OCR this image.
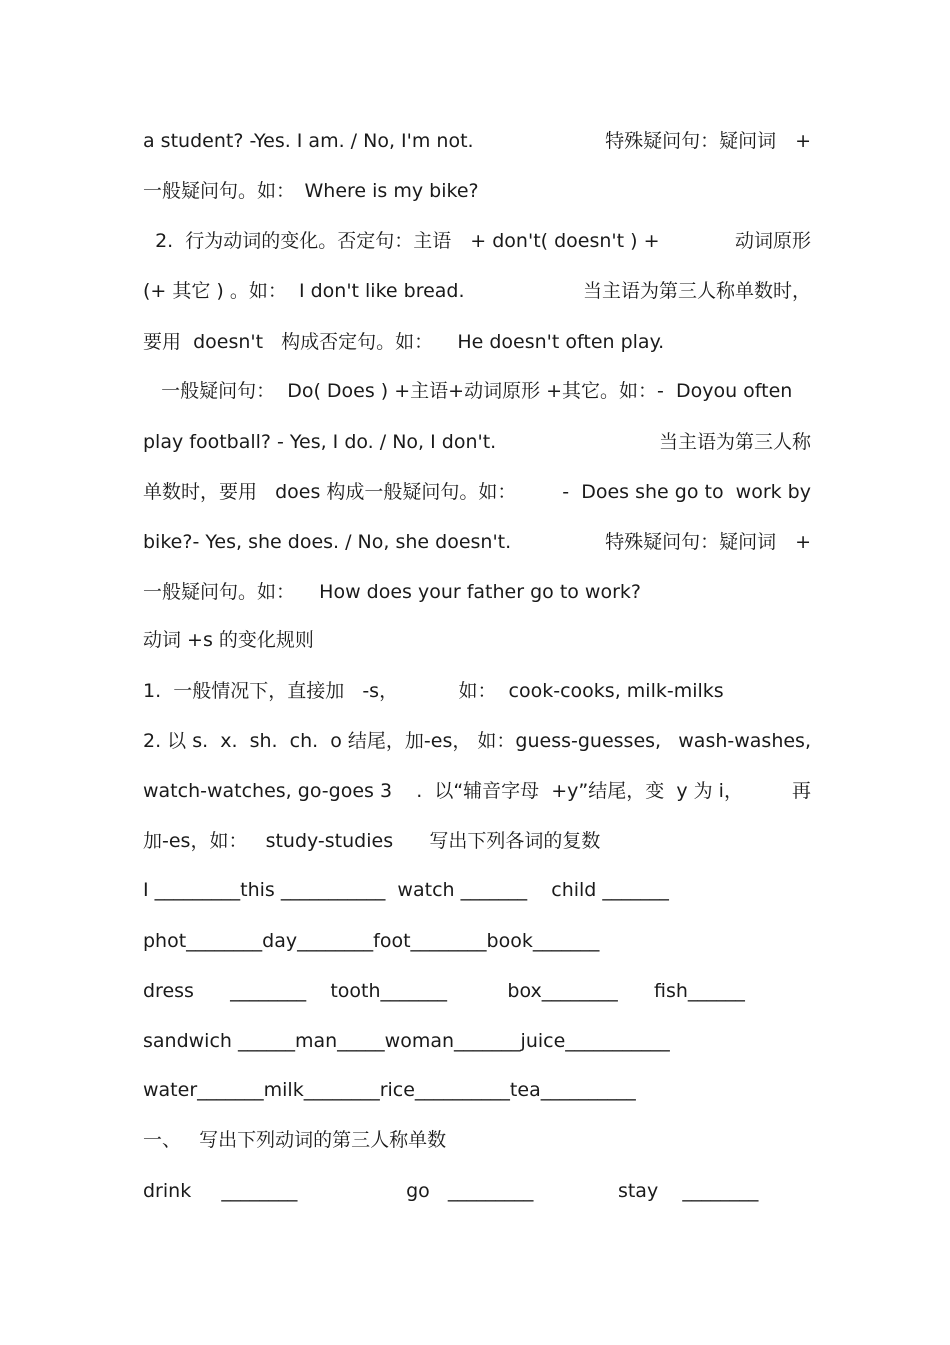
a student? -Yes. I am. / No, I'm not.	特殊疑问句：疑问词　+
一般疑问句。如：　Where is my bike?
2.  行为动词的变化。否定句：主语　+ don't( doesn't ) +	动词原形
(+ 其它 ) 。如：  I don't like bread.	当主语为第三人称单数时，
要用  doesn't   构成否定句。如：    He doesn't often play.
一般疑问句：  Do( Does ) +主语+动词原形 +其它。如：-  Doyou often
play football? - Yes, I do. / No, I don't.	当主语为第三人称
单数时，要用   does 构成一般疑问句。如： -  Does she go to  work by
bike?- Yes, she does. / No, she doesn't.	特殊疑问句：疑问词　+
一般疑问句。如：    How does your father go to work?
动词 +s 的变化规则
1.  一般情况下，直接加   -s，          如：  cook-cooks, milk-milks
2. 以 s.  x.  sh.  ch.  o 结尾，加-es， 如：guess-guesses, wash-washes,
watch-watches, go-goes 3    .  以“辅音字母  +y”结尾，变  y 为 i，	再
加-es，如：   study-studies      写出下列各词的复数
I _________this ___________  watch _______    child _______
phot________day________foot________book_______
dress      ________    tooth_______          box________      fish______
sandwich ______man_____woman_______juice___________
water_______milk________rice__________tea__________
一、   写出下列动词的第三人称单数
drink     ________                  go   _________              stay    ________
